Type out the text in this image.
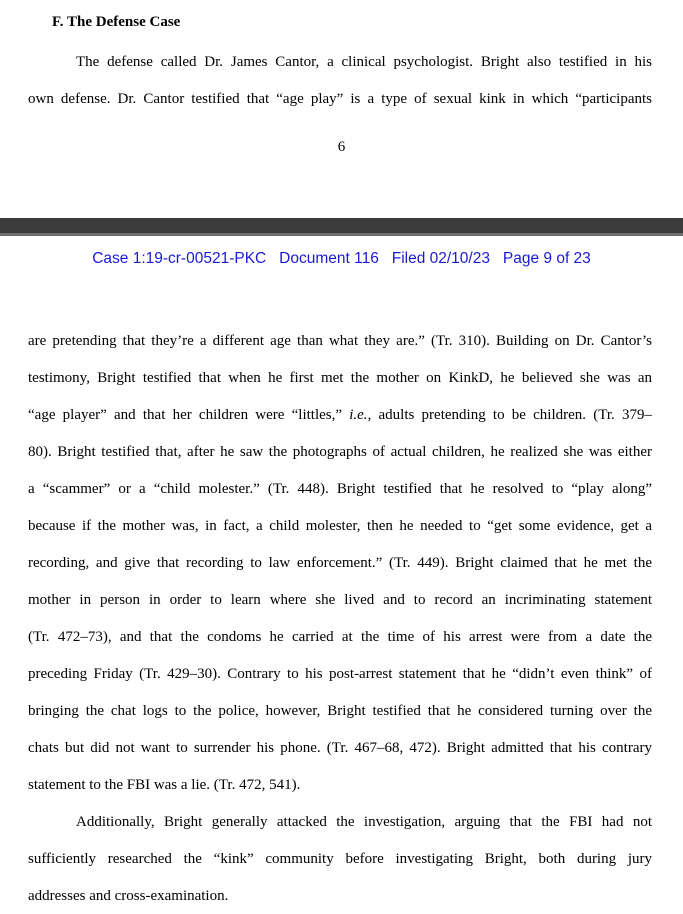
F. The Defense Case
The defense called Dr. James Cantor, a clinical psychologist. Bright also testified in his
own defense. Dr. Cantor testified that “age play” is a type of sexual kink in which “participants
6
Case 1:19-cr-00521-PKC   Document 116   Filed 02/10/23   Page 9 of 23
are pretending that they’re a different age than what they are.” (Tr. 310). Building on Dr. Cantor’s
testimony, Bright testified that when he first met the mother on KinkD, he believed she was an
“age player” and that her children were “littles,” i.e., adults pretending to be children. (Tr. 379–
80). Bright testified that, after he saw the photographs of actual children, he realized she was either
a “scammer” or a “child molester.” (Tr. 448). Bright testified that he resolved to “play along”
because if the mother was, in fact, a child molester, then he needed to “get some evidence, get a
recording, and give that recording to law enforcement.” (Tr. 449). Bright claimed that he met the
mother in person in order to learn where she lived and to record an incriminating statement
(Tr. 472–73), and that the condoms he carried at the time of his arrest were from a date the
preceding Friday (Tr. 429–30). Contrary to his post-arrest statement that he “didn’t even think” of
bringing the chat logs to the police, however, Bright testified that he considered turning over the
chats but did not want to surrender his phone. (Tr. 467–68, 472). Bright admitted that his contrary
statement to the FBI was a lie. (Tr. 472, 541).
Additionally, Bright generally attacked the investigation, arguing that the FBI had not
sufficiently researched the “kink” community before investigating Bright, both during jury
addresses and cross-examination.
